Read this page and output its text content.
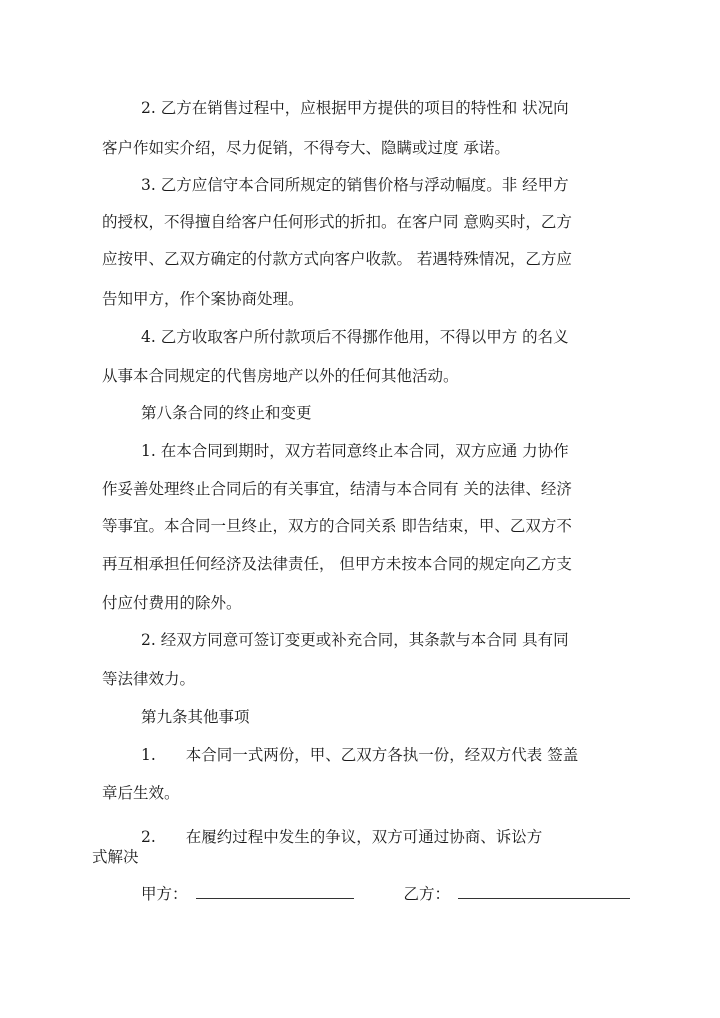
2. 乙方在销售过程中，应根据甲方提供的项目的特性和 状况向
客户作如实介绍，尽力促销，不得夸大、隐瞒或过度 承诺。
3. 乙方应信守本合同所规定的销售价格与浮动幅度。非 经甲方
的授权，不得擅自给客户任何形式的折扣。在客户同 意购买时，乙方
应按甲、乙双方确定的付款方式向客户收款。 若遇特殊情况，乙方应
告知甲方，作个案协商处理。
4. 乙方收取客户所付款项后不得挪作他用，不得以甲方 的名义
从事本合同规定的代售房地产以外的任何其他活动。
第八条合同的终止和变更
1. 在本合同到期时，双方若同意终止本合同，双方应通 力协作
作妥善处理终止合同后的有关事宜，结清与本合同有 关的法律、经济
等事宜。本合同一旦终止，双方的合同关系 即告结束，甲、乙双方不
再互相承担任何经济及法律责任， 但甲方未按本合同的规定向乙方支
付应付费用的除外。
2. 经双方同意可签订变更或补充合同，其条款与本合同 具有同
等法律效力。
第九条其他事项
1. 本合同一式两份，甲、乙双方各执一份，经双方代表 签盖
章后生效。
2. 在履约过程中发生的争议，双方可通过协商、诉讼方
式解决
甲方：	乙方：
